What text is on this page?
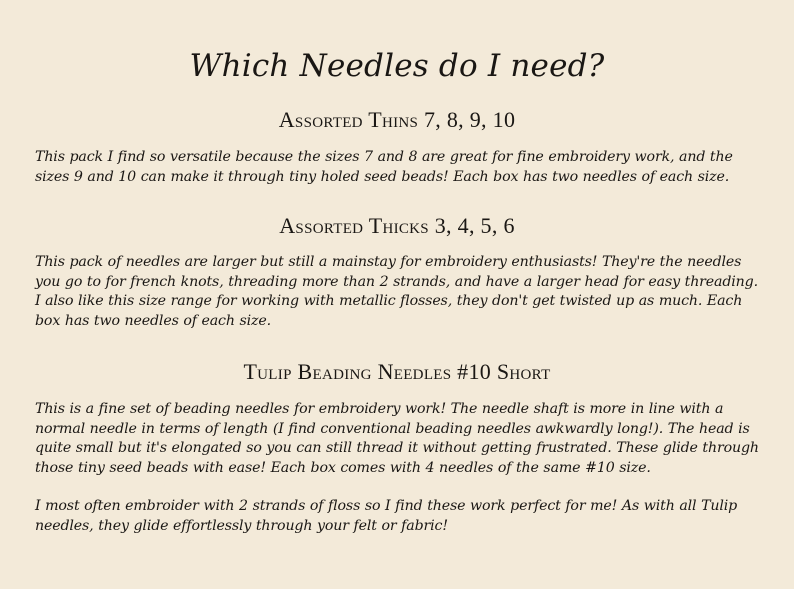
Which Needles do I need?
Assorted Thins 7, 8, 9, 10
This pack I find so versatile because the sizes 7 and 8 are great for fine embroidery work, and the sizes 9 and 10 can make it through tiny holed seed beads! Each box has two needles of each size.
Assorted Thicks 3, 4, 5, 6
This pack of needles are larger but still a mainstay for embroidery enthusiasts! They're the needles you go to for french knots, threading more than 2 strands, and have a larger head for easy threading. I also like this size range for working with metallic flosses, they don't get twisted up as much. Each box has two needles of each size.
Tulip Beading Needles #10 Short
This is a fine set of beading needles for embroidery work! The needle shaft is more in line with a normal needle in terms of length (I find conventional beading needles awkwardly long!). The head is quite small but it's elongated so you can still thread it without getting frustrated. These glide through those tiny seed beads with ease! Each box comes with 4 needles of the same #10 size.
I most often embroider with 2 strands of floss so I find these work perfect for me! As with all Tulip needles, they glide effortlessly through your felt or fabric!
